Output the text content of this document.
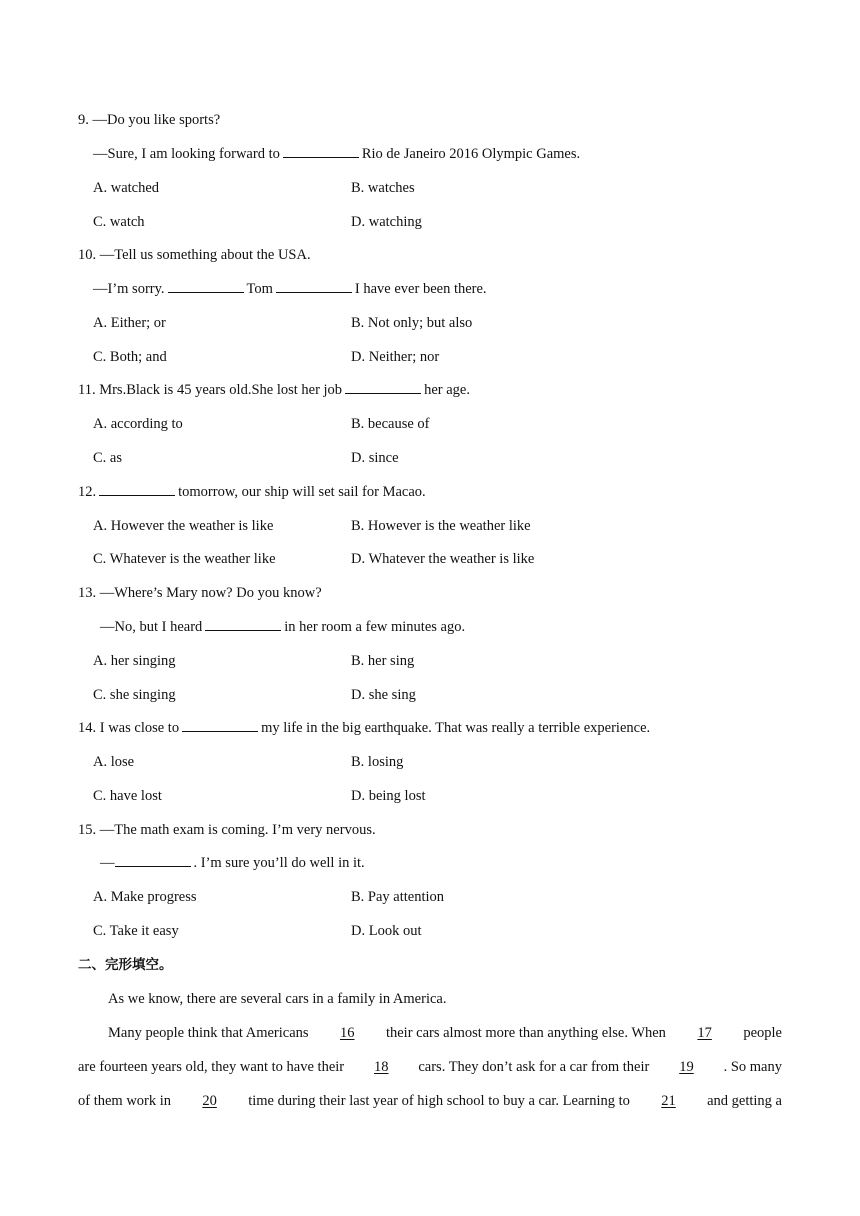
9. —Do you like sports?
—Sure, I am looking forward to	Rio de Janeiro 2016 Olympic Games.
A. watched	B. watches
C. watch	D. watching
10. —Tell us something about the USA.
—I’m sorry.	Tom	I have ever been there.
A. Either; or	B. Not only; but also
C. Both; and	D. Neither; nor
11. Mrs.Black is 45 years old.She lost her job	her age.
A. according to	B. because of
C. as	D. since
12.	tomorrow, our ship will set sail for Macao.
A. However the weather is like	B. However is the weather like
C. Whatever is the weather like	D. Whatever the weather is like
13. —Where’s Mary now? Do you know?
—No, but I heard	in her room a few minutes ago.
A. her singing	B. her sing
C. she singing	D. she sing
14. I was close to	my life in the big earthquake. That was really a terrible experience.
A. lose	B. losing
C. have lost	D. being lost
15. —The math exam is coming. I’m very nervous.
—	. I’m sure you’ll do well in it.
A. Make progress	B. Pay attention
C. Take it easy	D. Look out
二、完形填空。
As we know, there are several cars in a family in America.
Many people think that Americans 16 their cars almost more than anything else. When 17 people
are fourteen years old, they want to have their 18 cars. They don’t ask for a car from their 19 . So many
of them work in 20 time during their last year of high school to buy a car. Learning to 21 and getting a
